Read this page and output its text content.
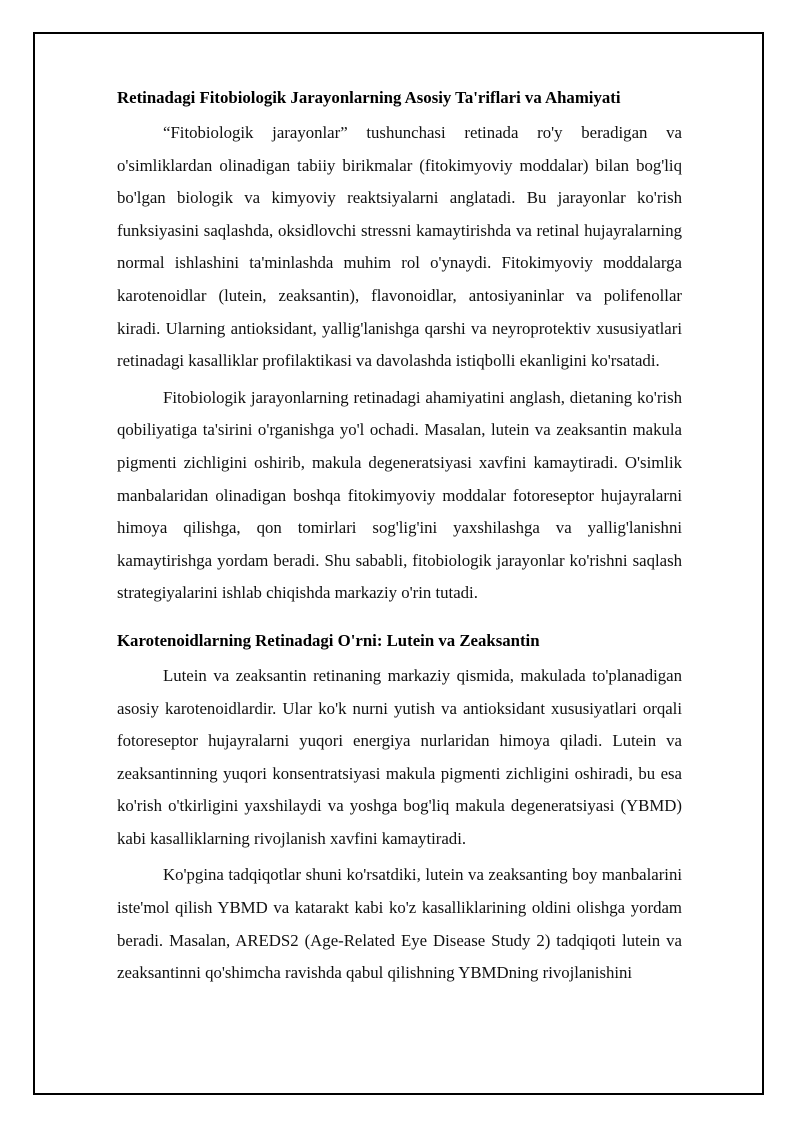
Retinadagi Fitobiologik Jarayonlarning Asosiy Ta'riflari va Ahamiyati

“Fitobiologik jarayonlar” tushunchasi retinada ro'y beradigan va o'simliklardan olinadigan tabiiy birikmalar (fitokimyoviy moddalar) bilan bog'liq bo'lgan biologik va kimyoviy reaktsiyalarni anglatadi. Bu jarayonlar ko'rish funksiyasini saqlashda, oksidlovchi stressni kamaytirishda va retinal hujayralarning normal ishlashini ta'minlashda muhim rol o'ynaydi. Fitokimyoviy moddalarga karotenoidlar (lutein, zeaksantin), flavonoidlar, antosiyaninlar va polifenollar kiradi. Ularning antioksidant, yallig'lanishga qarshi va neyroprotektiv xususiyatlari retinadagi kasalliklar profilaktikasi va davolashda istiqbolli ekanligini ko'rsatadi.

Fitobiologik jarayonlarning retinadagi ahamiyatini anglash, dietaning ko'rish qobiliyatiga ta'sirini o'rganishga yo'l ochadi. Masalan, lutein va zeaksantin makula pigmenti zichligini oshirib, makula degeneratsiyasi xavfini kamaytiradi. O'simlik manbalaridan olinadigan boshqa fitokimyoviy moddalar fotoreseptor hujayralarni himoya qilishga, qon tomirlari sog'lig'ini yaxshilashga va yallig'lanishni kamaytirishga yordam beradi. Shu sababli, fitobiologik jarayonlar ko'rishni saqlash strategiyalarini ishlab chiqishda markaziy o'rin tutadi.

Karotenoidlarning Retinadagi O'rni: Lutein va Zeaksantin

Lutein va zeaksantin retinaning markaziy qismida, makulada to'planadigan asosiy karotenoidlardir. Ular ko'k nurni yutish va antioksidant xususiyatlari orqali fotoreseptor hujayralarni yuqori energiya nurlaridan himoya qiladi. Lutein va zeaksantinning yuqori konsentratsiyasi makula pigmenti zichligini oshiradi, bu esa ko'rish o'tkirligini yaxshilaydi va yoshga bog'liq makula degeneratsiyasi (YBMD) kabi kasalliklarning rivojlanish xavfini kamaytiradi.

Ko'pgina tadqiqotlar shuni ko'rsatdiki, lutein va zeaksanting boy manbalarini iste'mol qilish YBMD va katarakt kabi ko'z kasalliklarining oldini olishga yordam beradi. Masalan, AREDS2 (Age-Related Eye Disease Study 2) tadqiqoti lutein va zeaksantinni qo'shimcha ravishda qabul qilishning YBMDning rivojlanishini
